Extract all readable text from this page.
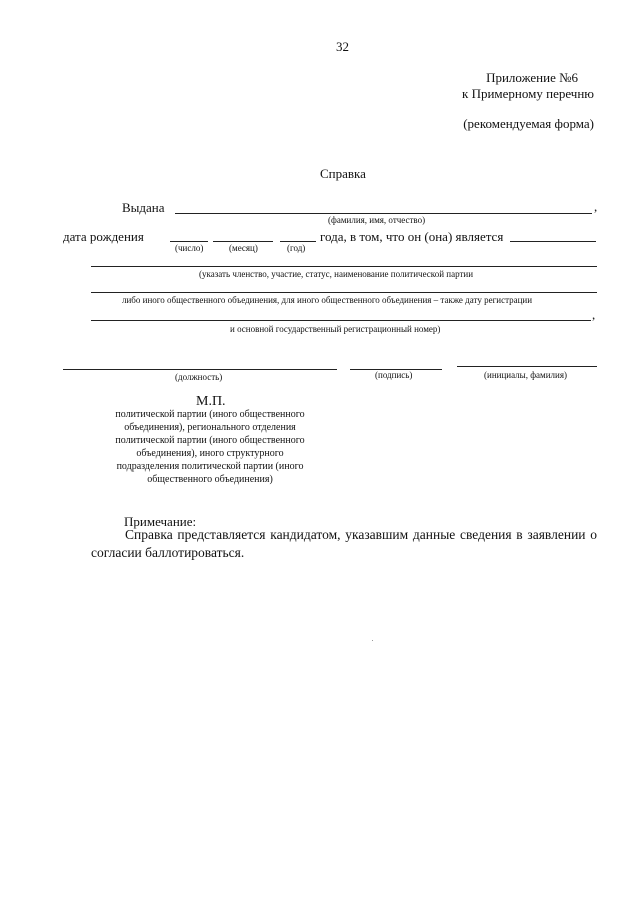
32
Приложение №6
к Примерному перечню
(рекомендуемая форма)
Справка
Выдана	,
(фамилия, имя, отчество)
дата рождения	года, в том, что он (она) является
(число)	(месяц)	(год)
(указать членство, участие, статус, наименование политической партии
либо иного общественного объединения, для иного общественного объединения – также дату регистрации
,
и основной государственный регистрационный номер)
(должность)	(подпись)	(инициалы, фамилия)
М.П.
политической партии (иного общественного
объединения), регионального отделения
политической партии (иного общественного
объединения), иного структурного
подразделения политической партии (иного
общественного объединения)
Примечание:
Справка представляется кандидатом, указавшим данные сведения в заявлении о согласии баллотироваться.
